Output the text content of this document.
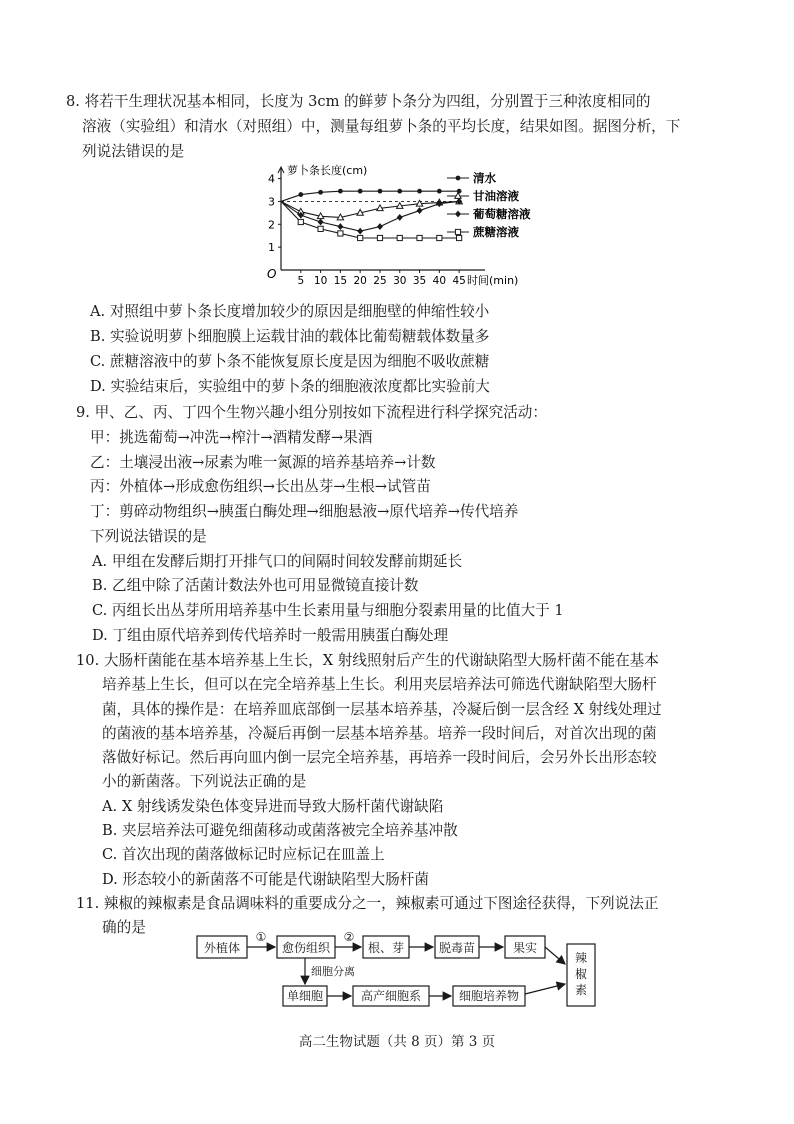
8. 将若干生理状况基本相同，长度为 3cm 的鲜萝卜条分为四组，分别置于三种浓度相同的
溶液（实验组）和清水（对照组）中，测量每组萝卜条的平均长度，结果如图。据图分析，下
列说法错误的是
O
萝卜条长度(cm)
1
2
3
4
5 10 15 20 25 30 35 40 45 时间(min)
清水
甘油溶液
葡萄糖溶液
蔗糖溶液
A. 对照组中萝卜条长度增加较少的原因是细胞壁的伸缩性较小
B. 实验说明萝卜细胞膜上运载甘油的载体比葡萄糖载体数量多
C. 蔗糖溶液中的萝卜条不能恢复原长度是因为细胞不吸收蔗糖
D. 实验结束后，实验组中的萝卜条的细胞液浓度都比实验前大
9. 甲、乙、丙、丁四个生物兴趣小组分别按如下流程进行科学探究活动：
甲：挑选葡萄→冲洗→榨汁→酒精发酵→果酒
乙：土壤浸出液→尿素为唯一氮源的培养基培养→计数
丙：外植体→形成愈伤组织→长出丛芽→生根→试管苗
丁：剪碎动物组织→胰蛋白酶处理→细胞悬液→原代培养→传代培养
下列说法错误的是
A. 甲组在发酵后期打开排气口的间隔时间较发酵前期延长
B. 乙组中除了活菌计数法外也可用显微镜直接计数
C. 丙组长出丛芽所用培养基中生长素用量与细胞分裂素用量的比值大于 1
D. 丁组由原代培养到传代培养时一般需用胰蛋白酶处理
10. 大肠杆菌能在基本培养基上生长，X 射线照射后产生的代谢缺陷型大肠杆菌不能在基本
培养基上生长，但可以在完全培养基上生长。利用夹层培养法可筛选代谢缺陷型大肠杆
菌，具体的操作是：在培养皿底部倒一层基本培养基，冷凝后倒一层含经 X 射线处理过
的菌液的基本培养基，冷凝后再倒一层基本培养基。培养一段时间后，对首次出现的菌
落做好标记。然后再向皿内倒一层完全培养基，再培养一段时间后，会另外长出形态较
小的新菌落。下列说法正确的是
A. X 射线诱发染色体变异进而导致大肠杆菌代谢缺陷
B. 夹层培养法可避免细菌移动或菌落被完全培养基冲散
C. 首次出现的菌落做标记时应标记在皿盖上
D. 形态较小的新菌落不可能是代谢缺陷型大肠杆菌
11. 辣椒的辣椒素是食品调味料的重要成分之一，辣椒素可通过下图途径获得，下列说法正
确的是
外植体	愈伤组织	根、芽	脱毒苗	果实
单细胞	高产细胞系	细胞培养物
①	②
细胞分离
辣
椒
素
高二生物试题（共 8 页）第 3 页
